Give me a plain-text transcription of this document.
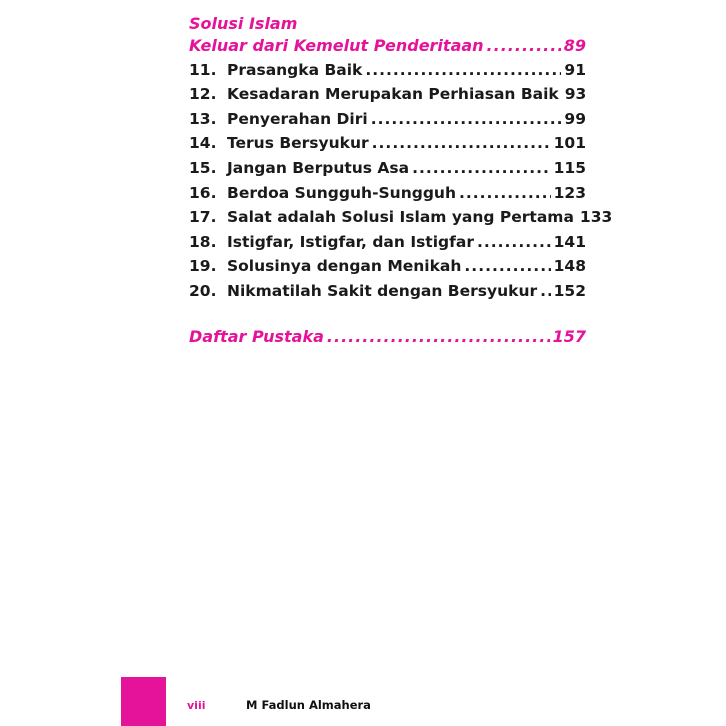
Solusi Islam
Keluar dari Kemelut Penderitaan .....	89
11. Prasangka Baik .....	91
12. Kesadaran Merupakan Perhiasan Baik 93
13. Penyerahan Diri .....	99
14. Terus Bersyukur .....	101
15. Jangan Berputus Asa .....	115
16. Berdoa Sungguh-Sungguh .....	123
17. Salat adalah Solusi Islam yang Pertama 133
18. Istigfar, Istigfar, dan Istigfar .....	141
19. Solusinya dengan Menikah .....	148
20. Nikmatilah Sakit dengan Bersyukur ..... 152
Daftar Pustaka .....	157
viii	M Fadlun Almahera
